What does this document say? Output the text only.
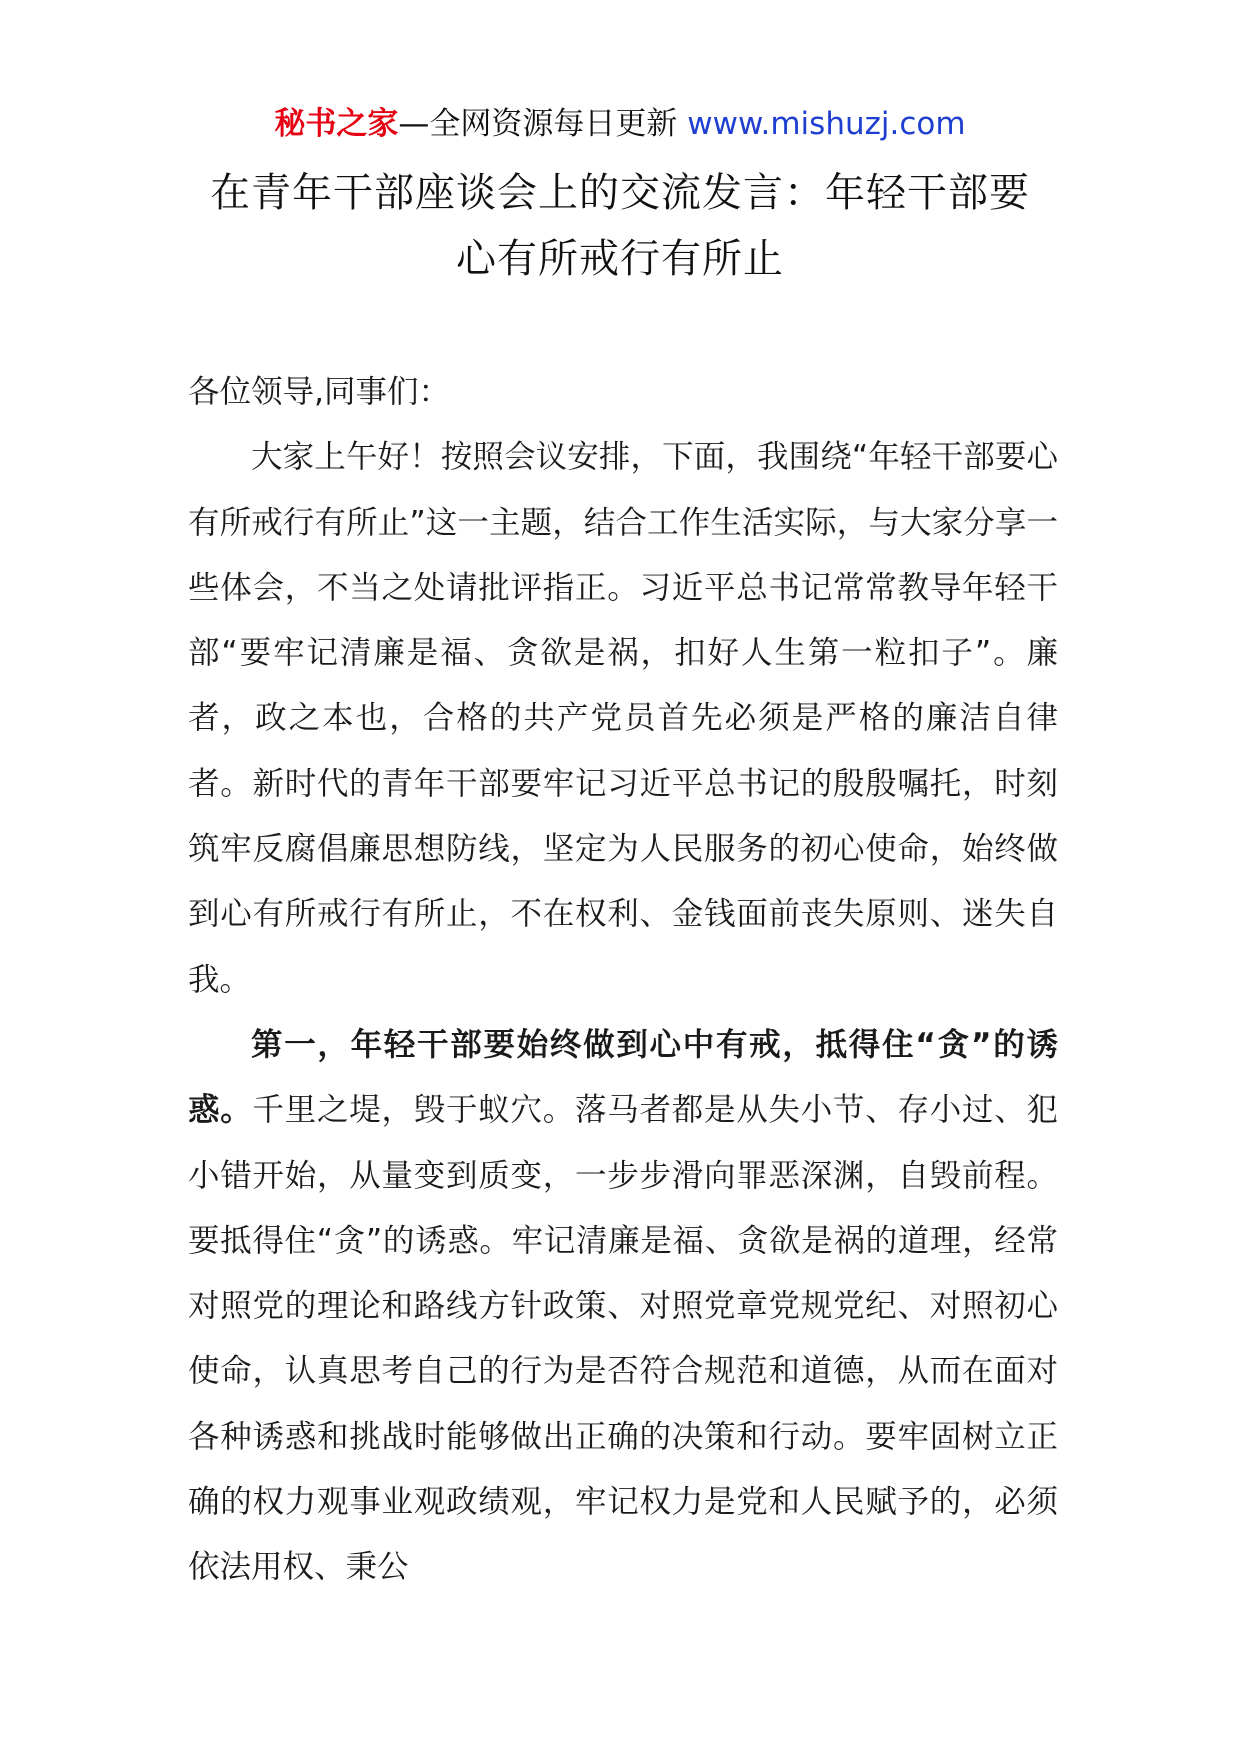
秘书之家—全网资源每日更新 www.mishuzj.com
在青年干部座谈会上的交流发言：年轻干部要
心有所戒行有所止

各位领导,同事们：

大家上午好！按照会议安排，下面，我围绕“年轻干部要心有所戒行有所止”这一主题，结合工作生活实际，与大家分享一些体会，不当之处请批评指正。习近平总书记常常教导年轻干部“要牢记清廉是福、贪欲是祸，扣好人生第一粒扣子”。廉者，政之本也，合格的共产党员首先必须是严格的廉洁自律者。新时代的青年干部要牢记习近平总书记的殷殷嘱托，时刻筑牢反腐倡廉思想防线，坚定为人民服务的初心使命，始终做到心有所戒行有所止，不在权利、金钱面前丧失原则、迷失自我。

第一，年轻干部要始终做到心中有戒，抵得住“贪”的诱惑。千里之堤，毁于蚁穴。落马者都是从失小节、存小过、犯小错开始，从量变到质变，一步步滑向罪恶深渊，自毁前程。要抵得住“贪”的诱惑。牢记清廉是福、贪欲是祸的道理，经常对照党的理论和路线方针政策、对照党章党规党纪、对照初心使命，认真思考自己的行为是否符合规范和道德，从而在面对各种诱惑和挑战时能够做出正确的决策和行动。要牢固树立正确的权力观事业观政绩观，牢记权力是党和人民赋予的，必须依法用权、秉公
